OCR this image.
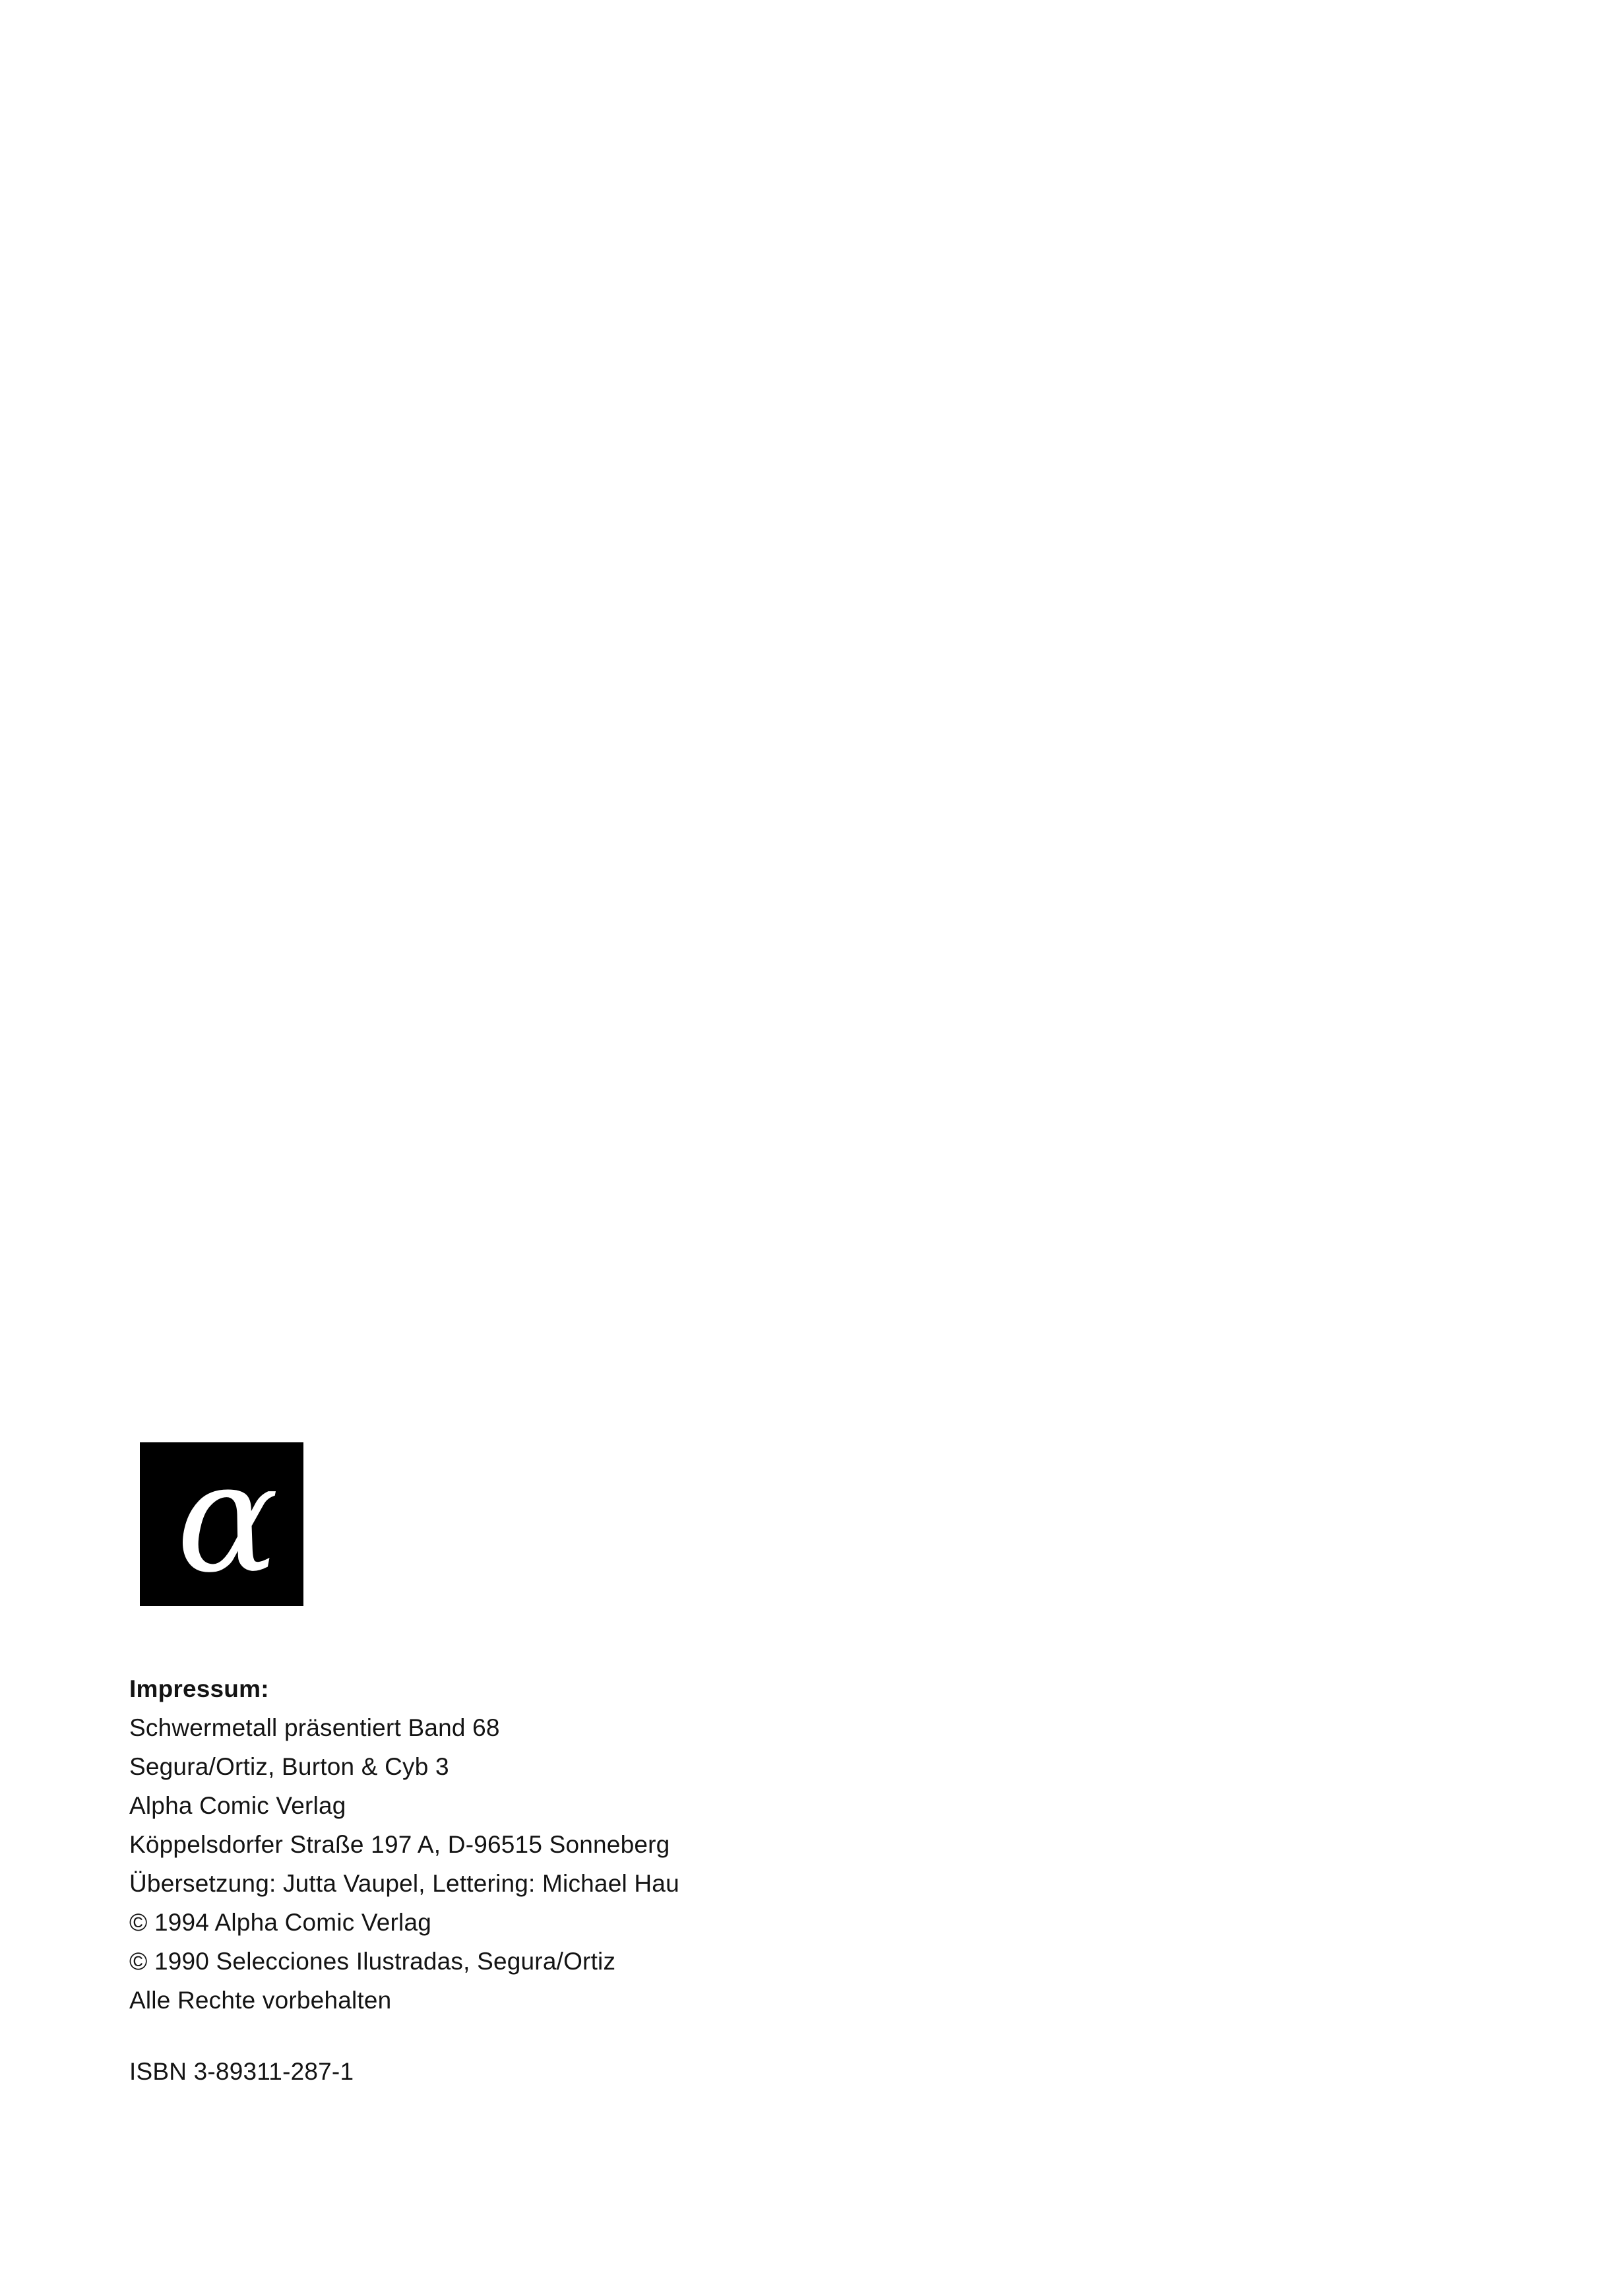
α
Impressum:
Schwermetall präsentiert Band 68
Segura/Ortiz, Burton & Cyb 3
Alpha Comic Verlag
Köppelsdorfer Straße 197 A, D-96515 Sonneberg
Übersetzung: Jutta Vaupel, Lettering: Michael Hau
© 1994 Alpha Comic Verlag
© 1990 Selecciones Ilustradas, Segura/Ortiz
Alle Rechte vorbehalten
ISBN 3-89311-287-1
